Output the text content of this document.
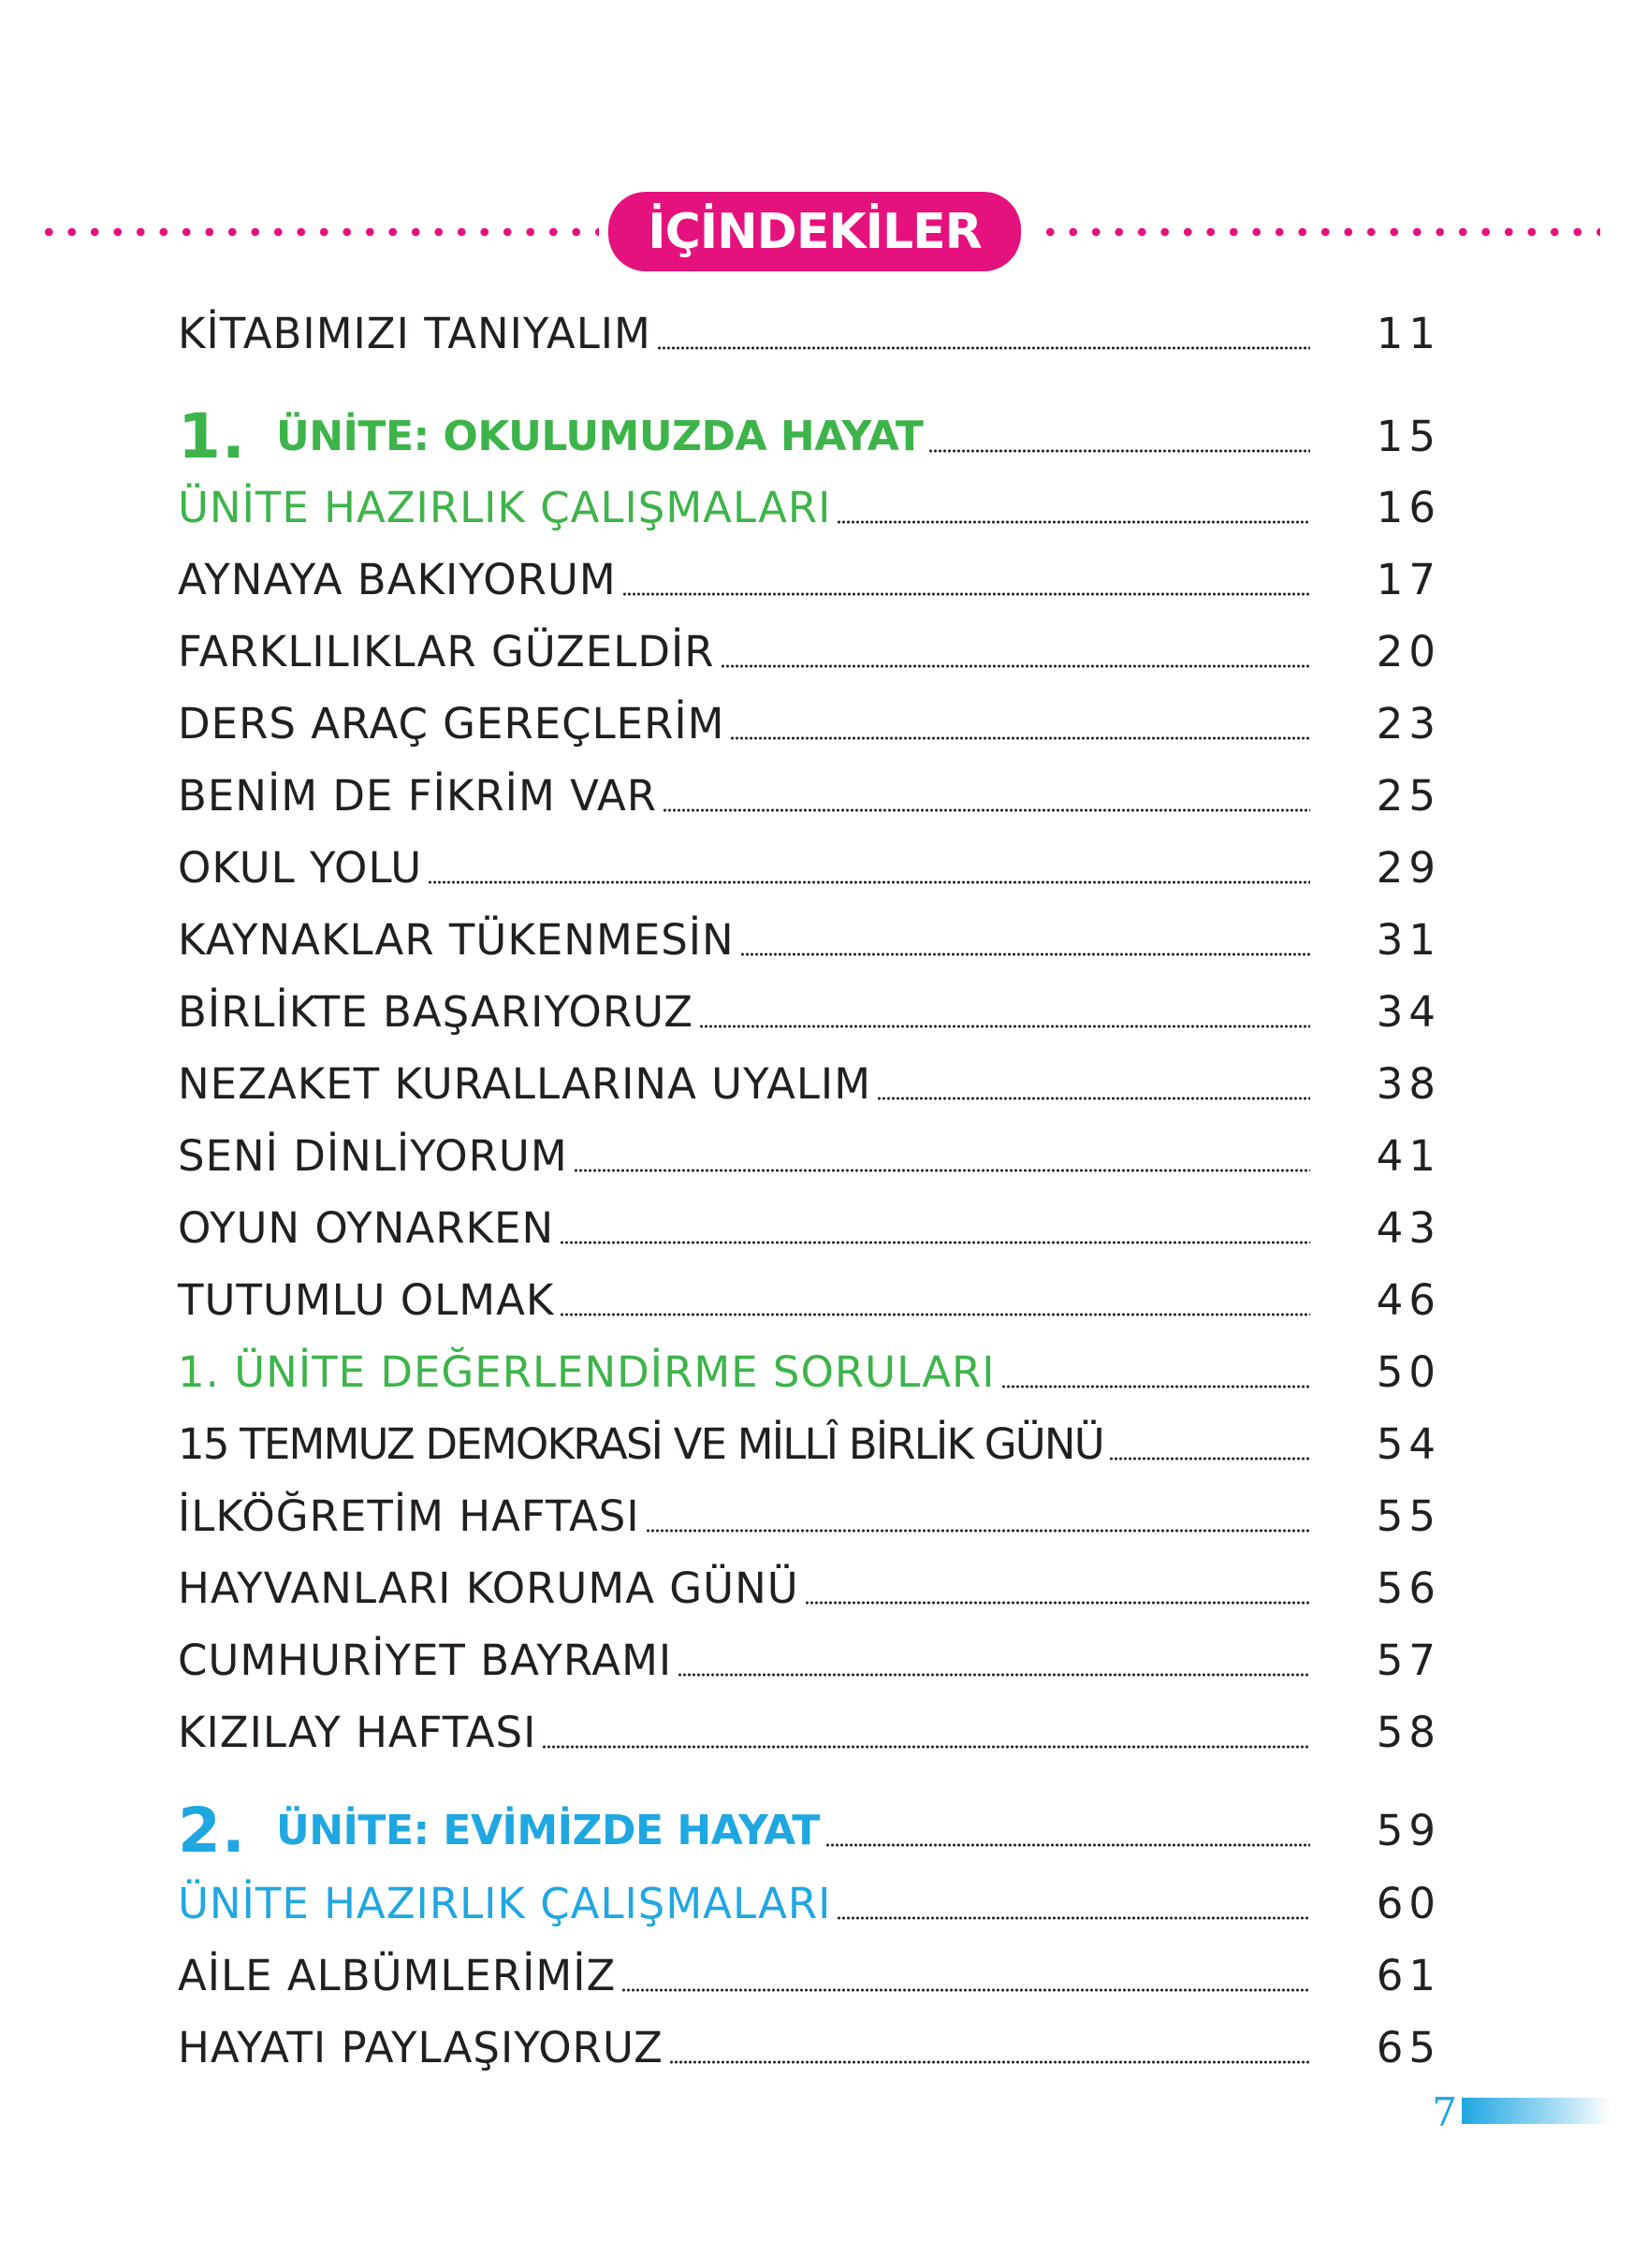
İÇİNDEKİLER
KİTABIMIZI TANIYALIM	11
1. ÜNİTE: OKULUMUZDA HAYAT	15
ÜNİTE HAZIRLIK ÇALIŞMALARI	16
AYNAYA BAKIYORUM	17
FARKLILIKLAR GÜZELDİR	20
DERS ARAÇ GEREÇLERİM	23
BENİM DE FİKRİM VAR	25
OKUL YOLU	29
KAYNAKLAR TÜKENMESİN	31
BİRLİKTE BAŞARIYORUZ	34
NEZAKET KURALLARINA UYALIM	38
SENİ DİNLİYORUM	41
OYUN OYNARKEN	43
TUTUMLU OLMAK	46
1. ÜNİTE DEĞERLENDİRME SORULARI	50
15 TEMMUZ DEMOKRASİ VE MİLLÎ BİRLİK GÜNÜ	54
İLKÖĞRETİM HAFTASI	55
HAYVANLARI KORUMA GÜNÜ	56
CUMHURİYET BAYRAMI	57
KIZILAY HAFTASI	58
2. ÜNİTE: EVİMİZDE HAYAT	59
ÜNİTE HAZIRLIK ÇALIŞMALARI	60
AİLE ALBÜMLERİMİZ	61
HAYATI PAYLAŞIYORUZ	65
7
